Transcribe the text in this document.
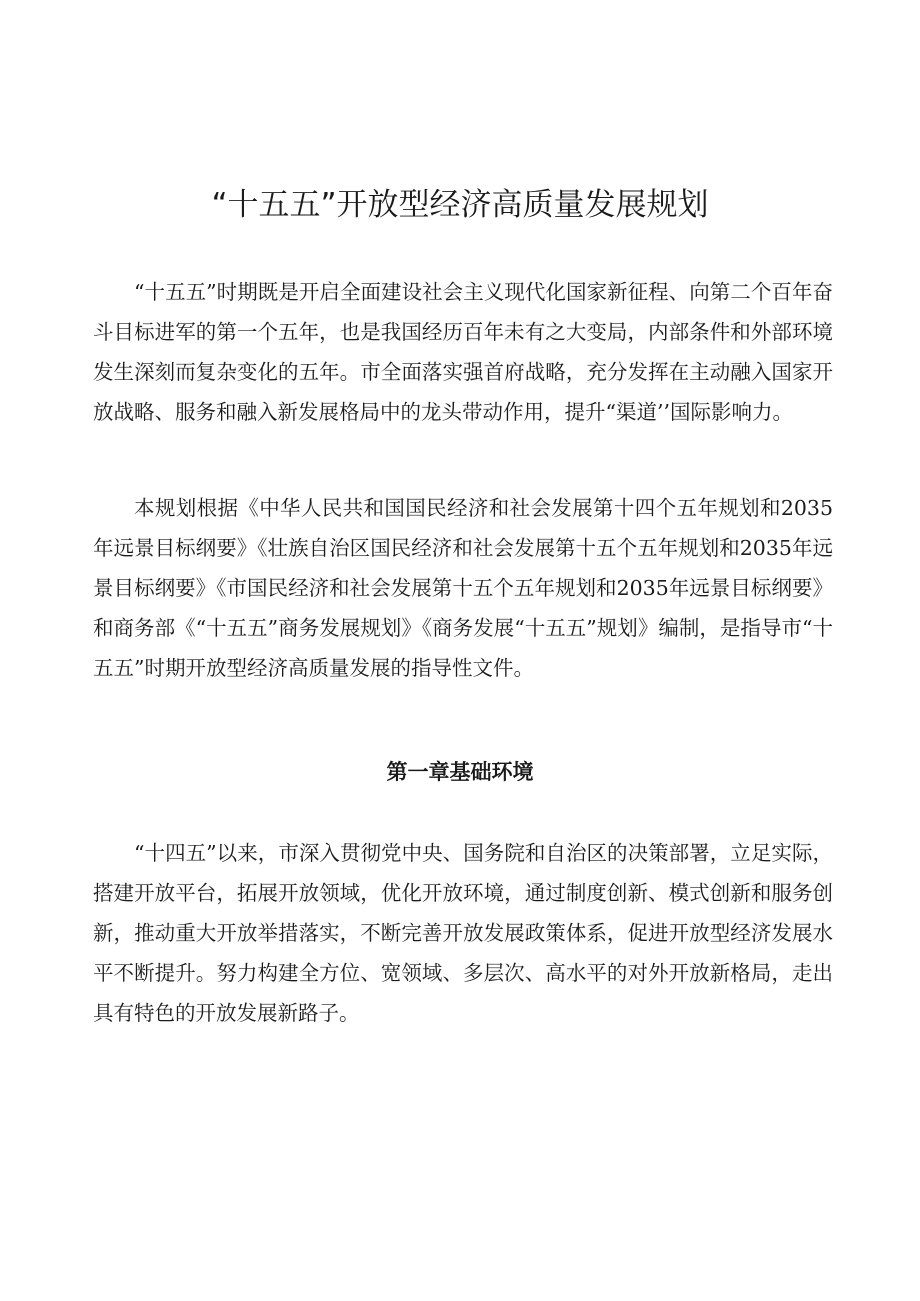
“十五五”开放型经济高质量发展规划

“十五五”时期既是开启全面建设社会主义现代化国家新征程、向第二个百年奋斗目标进军的第一个五年，也是我国经历百年未有之大变局，内部条件和外部环境发生深刻而复杂变化的五年。市全面落实强首府战略，充分发挥在主动融入国家开放战略、服务和融入新发展格局中的龙头带动作用，提升“渠道’’国际影响力。

本规划根据《中华人民共和国国民经济和社会发展第十四个五年规划和2035年远景目标纲要》《壮族自治区国民经济和社会发展第十五个五年规划和2035年远景目标纲要》《市国民经济和社会发展第十五个五年规划和2035年远景目标纲要》和商务部《“十五五”商务发展规划》《商务发展“十五五”规划》编制，是指导市“十五五”时期开放型经济高质量发展的指导性文件。

第一章基础环境

“十四五”以来，市深入贯彻党中央、国务院和自治区的决策部署，立足实际，搭建开放平台，拓展开放领域，优化开放环境，通过制度创新、模式创新和服务创新，推动重大开放举措落实，不断完善开放发展政策体系，促进开放型经济发展水平不断提升。努力构建全方位、宽领域、多层次、高水平的对外开放新格局，走出具有特色的开放发展新路子。
